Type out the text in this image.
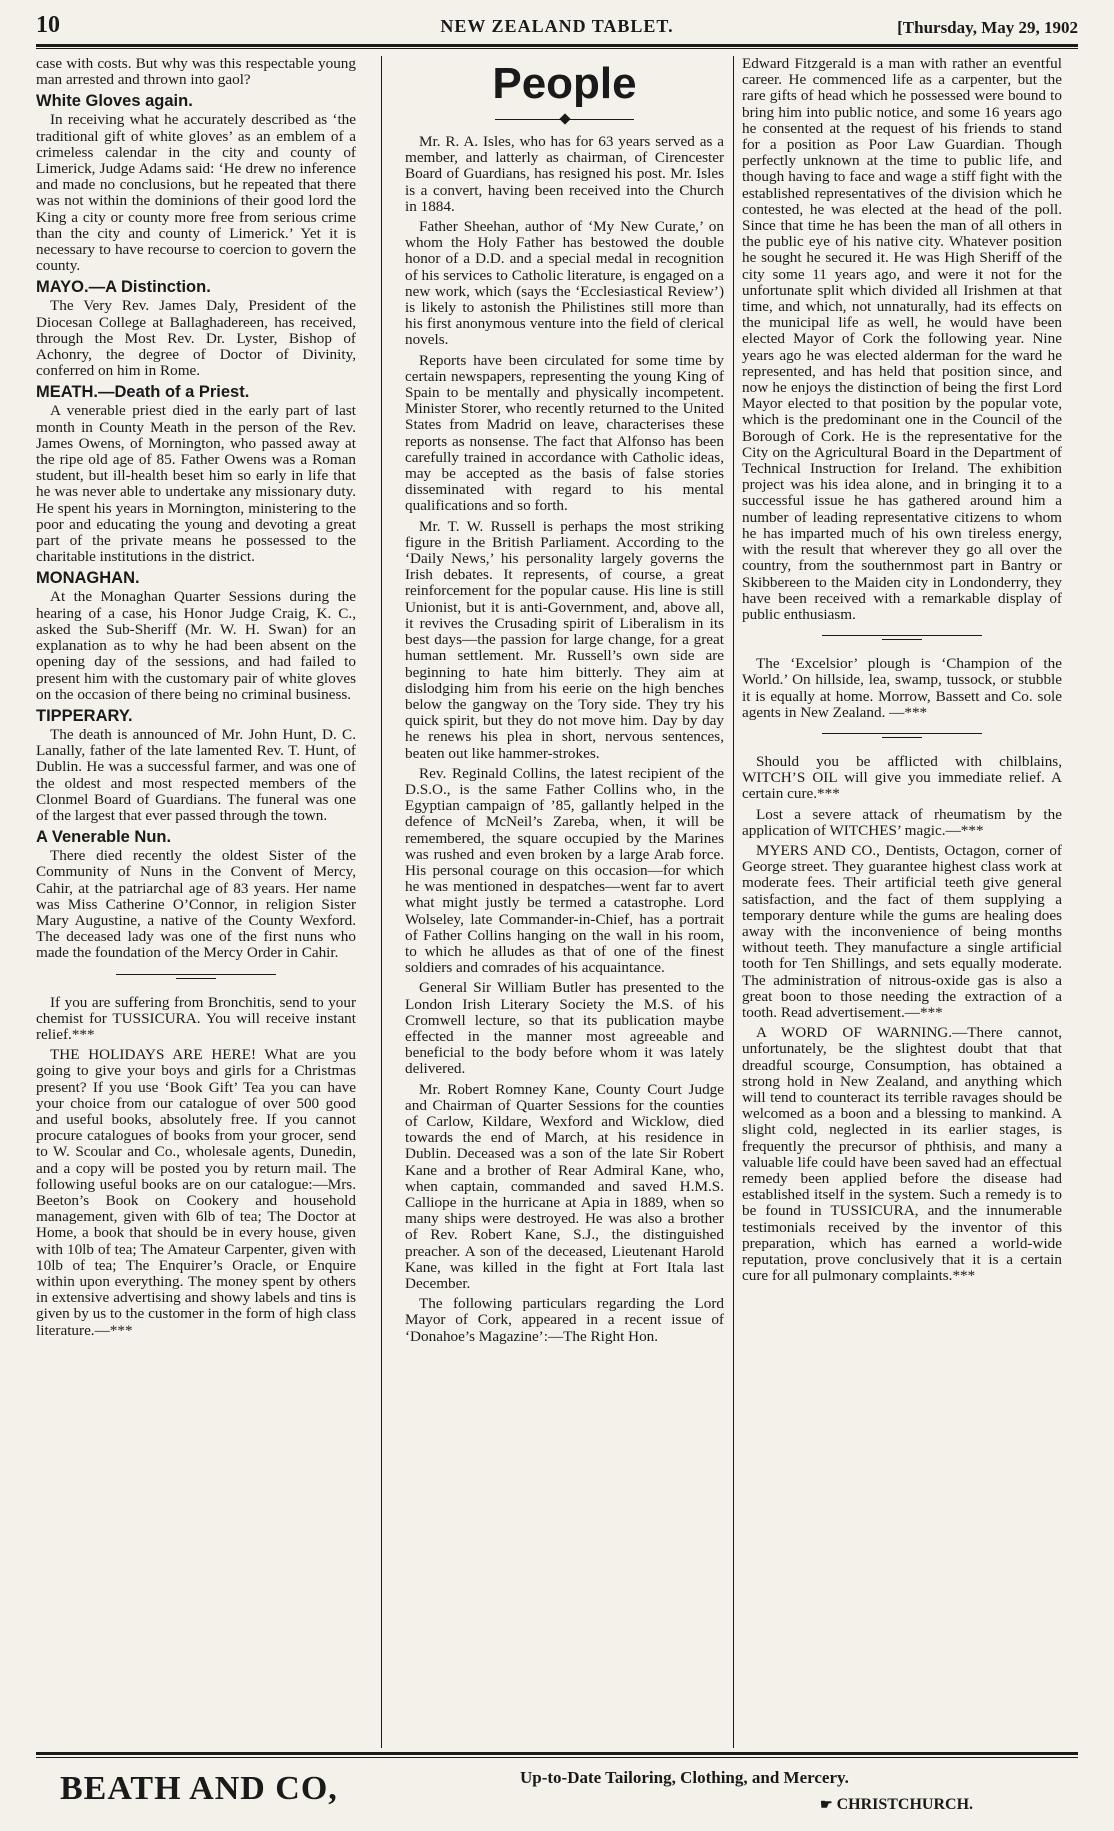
10	NEW ZEALAND TABLET.	[Thursday, May 29, 1902

case with costs. But why was this respectable young man arrested and thrown into gaol?

White Gloves again.

In receiving what he accurately described as ‘the traditional gift of white gloves’ as an emblem of a crimeless calendar in the city and county of Limerick, Judge Adams said: ‘He drew no inference and made no conclusions, but he repeated that there was not within the dominions of their good lord the King a city or county more free from serious crime than the city and county of Limerick.’ Yet it is necessary to have recourse to coercion to govern the county.

MAYO.—A Distinction.

The Very Rev. James Daly, President of the Diocesan College at Ballaghadereen, has received, through the Most Rev. Dr. Lyster, Bishop of Achonry, the degree of Doctor of Divinity, conferred on him in Rome.

MEATH.—Death of a Priest.

A venerable priest died in the early part of last month in County Meath in the person of the Rev. James Owens, of Mornington, who passed away at the ripe old age of 85. Father Owens was a Roman student, but ill-health beset him so early in life that he was never able to undertake any missionary duty. He spent his years in Mornington, ministering to the poor and educating the young and devoting a great part of the private means he possessed to the charitable institutions in the district.

MONAGHAN.

At the Monaghan Quarter Sessions during the hearing of a case, his Honor Judge Craig, K. C., asked the Sub-Sheriff (Mr. W. H. Swan) for an explanation as to why he had been absent on the opening day of the sessions, and had failed to present him with the customary pair of white gloves on the occasion of there being no criminal business.

TIPPERARY.

The death is announced of Mr. John Hunt, D. C. Lanally, father of the late lamented Rev. T. Hunt, of Dublin. He was a successful farmer, and was one of the oldest and most respected members of the Clonmel Board of Guardians. The funeral was one of the largest that ever passed through the town.

A Venerable Nun.

There died recently the oldest Sister of the Community of Nuns in the Convent of Mercy, Cahir, at the patriarchal age of 83 years. Her name was Miss Catherine O’Connor, in religion Sister Mary Augustine, a native of the County Wexford. The deceased lady was one of the first nuns who made the foundation of the Mercy Order in Cahir.

If you are suffering from Bronchitis, send to your chemist for TUSSICURA. You will receive instant relief.***

THE HOLIDAYS ARE HERE! What are you going to give your boys and girls for a Christmas present? If you use ‘Book Gift’ Tea you can have your choice from our catalogue of over 500 good and useful books, absolutely free. If you cannot procure catalogues of books from your grocer, send to W. Scoular and Co., wholesale agents, Dunedin, and a copy will be posted you by return mail. The following useful books are on our catalogue:—Mrs. Beeton’s Book on Cookery and household management, given with 6lb of tea; The Doctor at Home, a book that should be in every house, given with 10lb of tea; The Amateur Carpenter, given with 10lb of tea; The Enquirer’s Oracle, or Enquire within upon everything. The money spent by others in extensive advertising and showy labels and tins is given by us to the customer in the form of high class literature.—***

People

Mr. R. A. Isles, who has for 63 years served as a member, and latterly as chairman, of Cirencester Board of Guardians, has resigned his post. Mr. Isles is a convert, having been received into the Church in 1884.

Father Sheehan, author of ‘My New Curate,’ on whom the Holy Father has bestowed the double honor of a D.D. and a special medal in recognition of his services to Catholic literature, is engaged on a new work, which (says the ‘Ecclesiastical Review’) is likely to astonish the Philistines still more than his first anonymous venture into the field of clerical novels.

Reports have been circulated for some time by certain newspapers, representing the young King of Spain to be mentally and physically incompetent. Minister Storer, who recently returned to the United States from Madrid on leave, characterises these reports as nonsense. The fact that Alfonso has been carefully trained in accordance with Catholic ideas, may be accepted as the basis of false stories disseminated with regard to his mental qualifications and so forth.

Mr. T. W. Russell is perhaps the most striking figure in the British Parliament. According to the ‘Daily News,’ his personality largely governs the Irish debates. It represents, of course, a great reinforcement for the popular cause. His line is still Unionist, but it is anti-Government, and, above all, it revives the Crusading spirit of Liberalism in its best days—the passion for large change, for a great human settlement. Mr. Russell’s own side are beginning to hate him bitterly. They aim at dislodging him from his eerie on the high benches below the gangway on the Tory side. They try his quick spirit, but they do not move him. Day by day he renews his plea in short, nervous sentences, beaten out like hammer-strokes.

Rev. Reginald Collins, the latest recipient of the D.S.O., is the same Father Collins who, in the Egyptian campaign of ’85, gallantly helped in the defence of McNeil’s Zareba, when, it will be remembered, the square occupied by the Marines was rushed and even broken by a large Arab force. His personal courage on this occasion—for which he was mentioned in despatches—went far to avert what might justly be termed a catastrophe. Lord Wolseley, late Commander-in-Chief, has a portrait of Father Collins hanging on the wall in his room, to which he alludes as that of one of the finest soldiers and comrades of his acquaintance.

General Sir William Butler has presented to the London Irish Literary Society the M.S. of his Cromwell lecture, so that its publication maybe effected in the manner most agreeable and beneficial to the body before whom it was lately delivered.

Mr. Robert Romney Kane, County Court Judge and Chairman of Quarter Sessions for the counties of Carlow, Kildare, Wexford and Wicklow, died towards the end of March, at his residence in Dublin. Deceased was a son of the late Sir Robert Kane and a brother of Rear Admiral Kane, who, when captain, commanded and saved H.M.S. Calliope in the hurricane at Apia in 1889, when so many ships were destroyed. He was also a brother of Rev. Robert Kane, S.J., the distinguished preacher. A son of the deceased, Lieutenant Harold Kane, was killed in the fight at Fort Itala last December.

The following particulars regarding the Lord Mayor of Cork, appeared in a recent issue of ‘Donahoe’s Magazine’:—The Right Hon.

Edward Fitzgerald is a man with rather an eventful career. He commenced life as a carpenter, but the rare gifts of head which he possessed were bound to bring him into public notice, and some 16 years ago he consented at the request of his friends to stand for a position as Poor Law Guardian. Though perfectly unknown at the time to public life, and though having to face and wage a stiff fight with the established representatives of the division which he contested, he was elected at the head of the poll. Since that time he has been the man of all others in the public eye of his native city. Whatever position he sought he secured it. He was High Sheriff of the city some 11 years ago, and were it not for the unfortunate split which divided all Irishmen at that time, and which, not unnaturally, had its effects on the municipal life as well, he would have been elected Mayor of Cork the following year. Nine years ago he was elected alderman for the ward he represented, and has held that position since, and now he enjoys the distinction of being the first Lord Mayor elected to that position by the popular vote, which is the predominant one in the Council of the Borough of Cork. He is the representative for the City on the Agricultural Board in the Department of Technical Instruction for Ireland. The exhibition project was his idea alone, and in bringing it to a successful issue he has gathered around him a number of leading representative citizens to whom he has imparted much of his own tireless energy, with the result that wherever they go all over the country, from the southernmost part in Bantry or Skibbereen to the Maiden city in Londonderry, they have been received with a remarkable display of public enthusiasm.

The ‘Excelsior’ plough is ‘Champion of the World.’ On hillside, lea, swamp, tussock, or stubble it is equally at home. Morrow, Bassett and Co. sole agents in New Zealand. —***

Should you be afflicted with chilblains, WITCH’S OIL will give you immediate relief. A certain cure.***

Lost a severe attack of rheumatism by the application of WITCHES’ magic.—***

MYERS AND CO., Dentists, Octagon, corner of George street. They guarantee highest class work at moderate fees. Their artificial teeth give general satisfaction, and the fact of them supplying a temporary denture while the gums are healing does away with the inconvenience of being months without teeth. They manufacture a single artificial tooth for Ten Shillings, and sets equally moderate. The administration of nitrous-oxide gas is also a great boon to those needing the extraction of a tooth. Read advertisement.—***

A WORD OF WARNING.—There cannot, unfortunately, be the slightest doubt that that dreadful scourge, Consumption, has obtained a strong hold in New Zealand, and anything which will tend to counteract its terrible ravages should be welcomed as a boon and a blessing to mankind. A slight cold, neglected in its earlier stages, is frequently the precursor of phthisis, and many a valuable life could have been saved had an effectual remedy been applied before the disease had established itself in the system. Such a remedy is to be found in TUSSICURA, and the innumerable testimonials received by the inventor of this preparation, which has earned a world-wide reputation, prove conclusively that it is a certain cure for all pulmonary complaints.***

BEATH AND CO,	Up-to-Date Tailoring, Clothing, and Mercery.
☛ CHRISTCHURCH.
